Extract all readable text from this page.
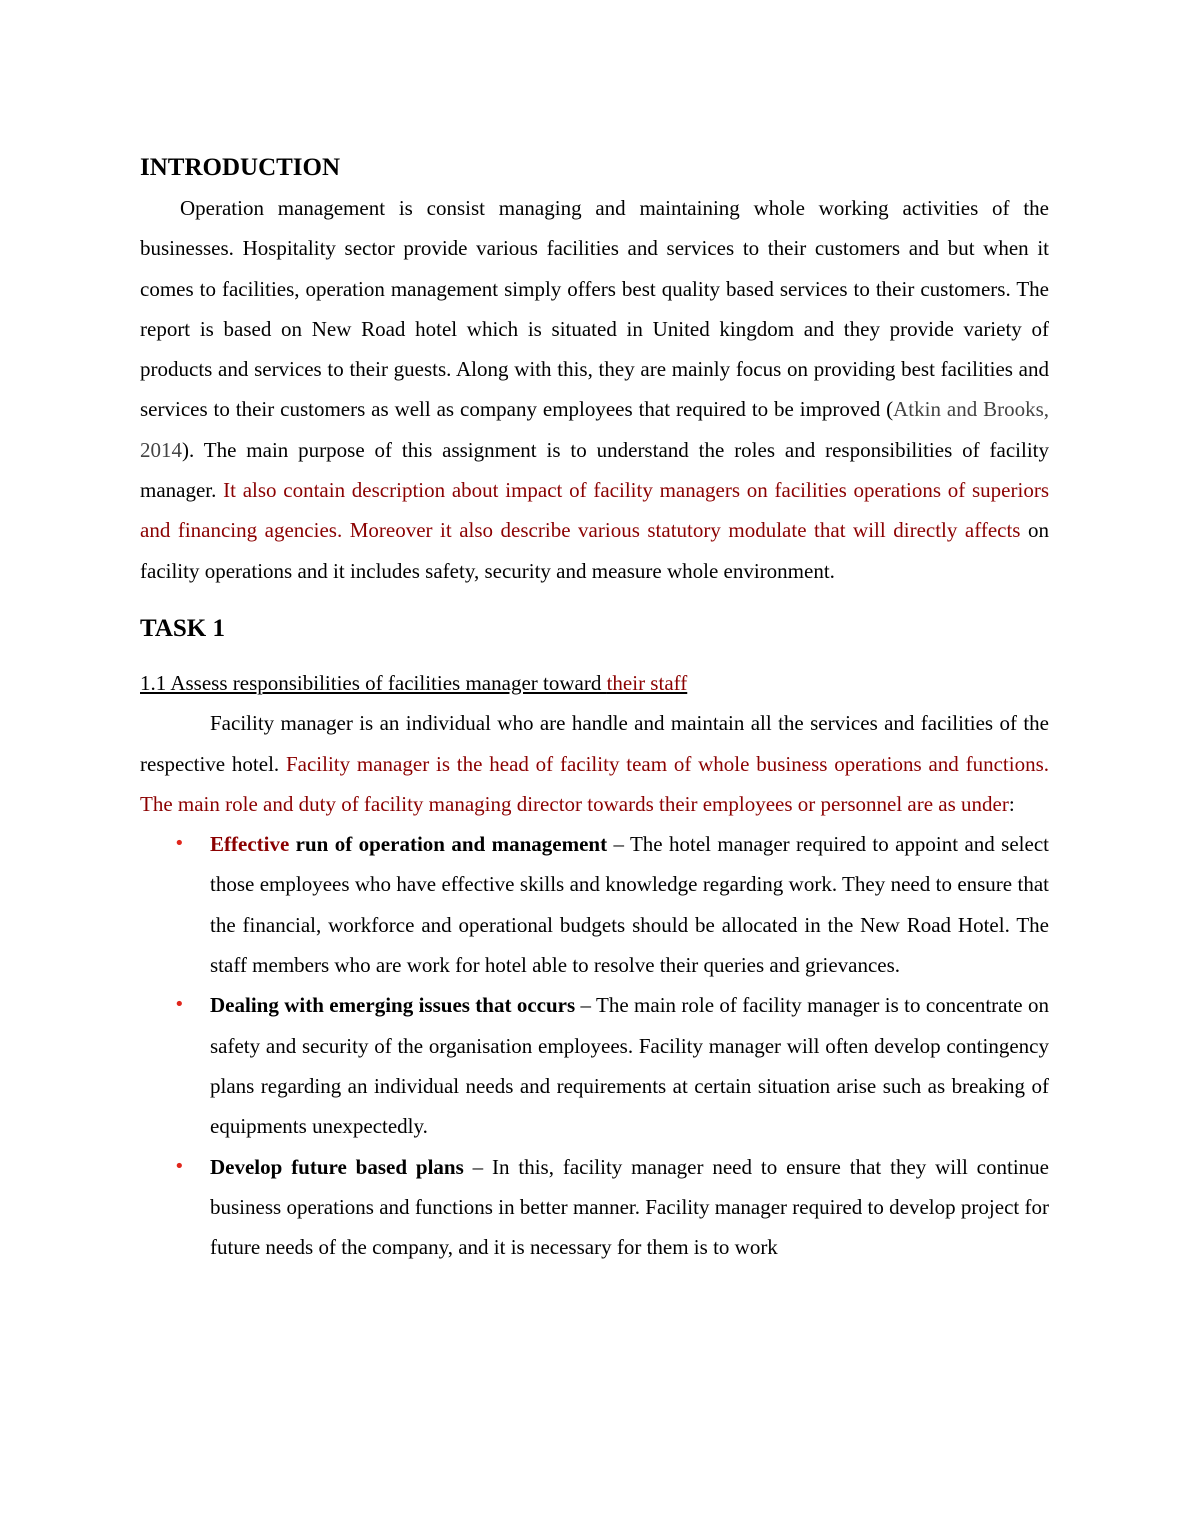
INTRODUCTION

Operation management is consist managing and maintaining whole working activities of the businesses. Hospitality sector provide various facilities and services to their customers and but when it comes to facilities, operation management simply offers best quality based services to their customers. The report is based on New Road hotel which is situated in United kingdom and they provide variety of products and services to their guests. Along with this, they are mainly focus on providing best facilities and services to their customers as well as company employees that required to be improved (Atkin and Brooks, 2014). The main purpose of this assignment is to understand the roles and responsibilities of facility manager. It also contain description about impact of facility managers on facilities operations of superiors and financing agencies. Moreover it also describe various statutory modulate that will directly affects on facility operations and it includes safety, security and measure whole environment.

TASK 1

1.1 Assess responsibilities of facilities manager toward their staff

Facility manager is an individual who are handle and maintain all the services and facilities of the respective hotel. Facility manager is the head of facility team of whole business operations and functions. The main role and duty of facility managing director towards their employees or personnel are as under:

• Effective run of operation and management – The hotel manager required to appoint and select those employees who have effective skills and knowledge regarding work. They need to ensure that the financial, workforce and operational budgets should be allocated in the New Road Hotel. The staff members who are work for hotel able to resolve their queries and grievances.
• Dealing with emerging issues that occurs – The main role of facility manager is to concentrate on safety and security of the organisation employees. Facility manager will often develop contingency plans regarding an individual needs and requirements at certain situation arise such as breaking of equipments unexpectedly.
• Develop future based plans – In this, facility manager need to ensure that they will continue business operations and functions in better manner. Facility manager required to develop project for future needs of the company, and it is necessary for them is to work
